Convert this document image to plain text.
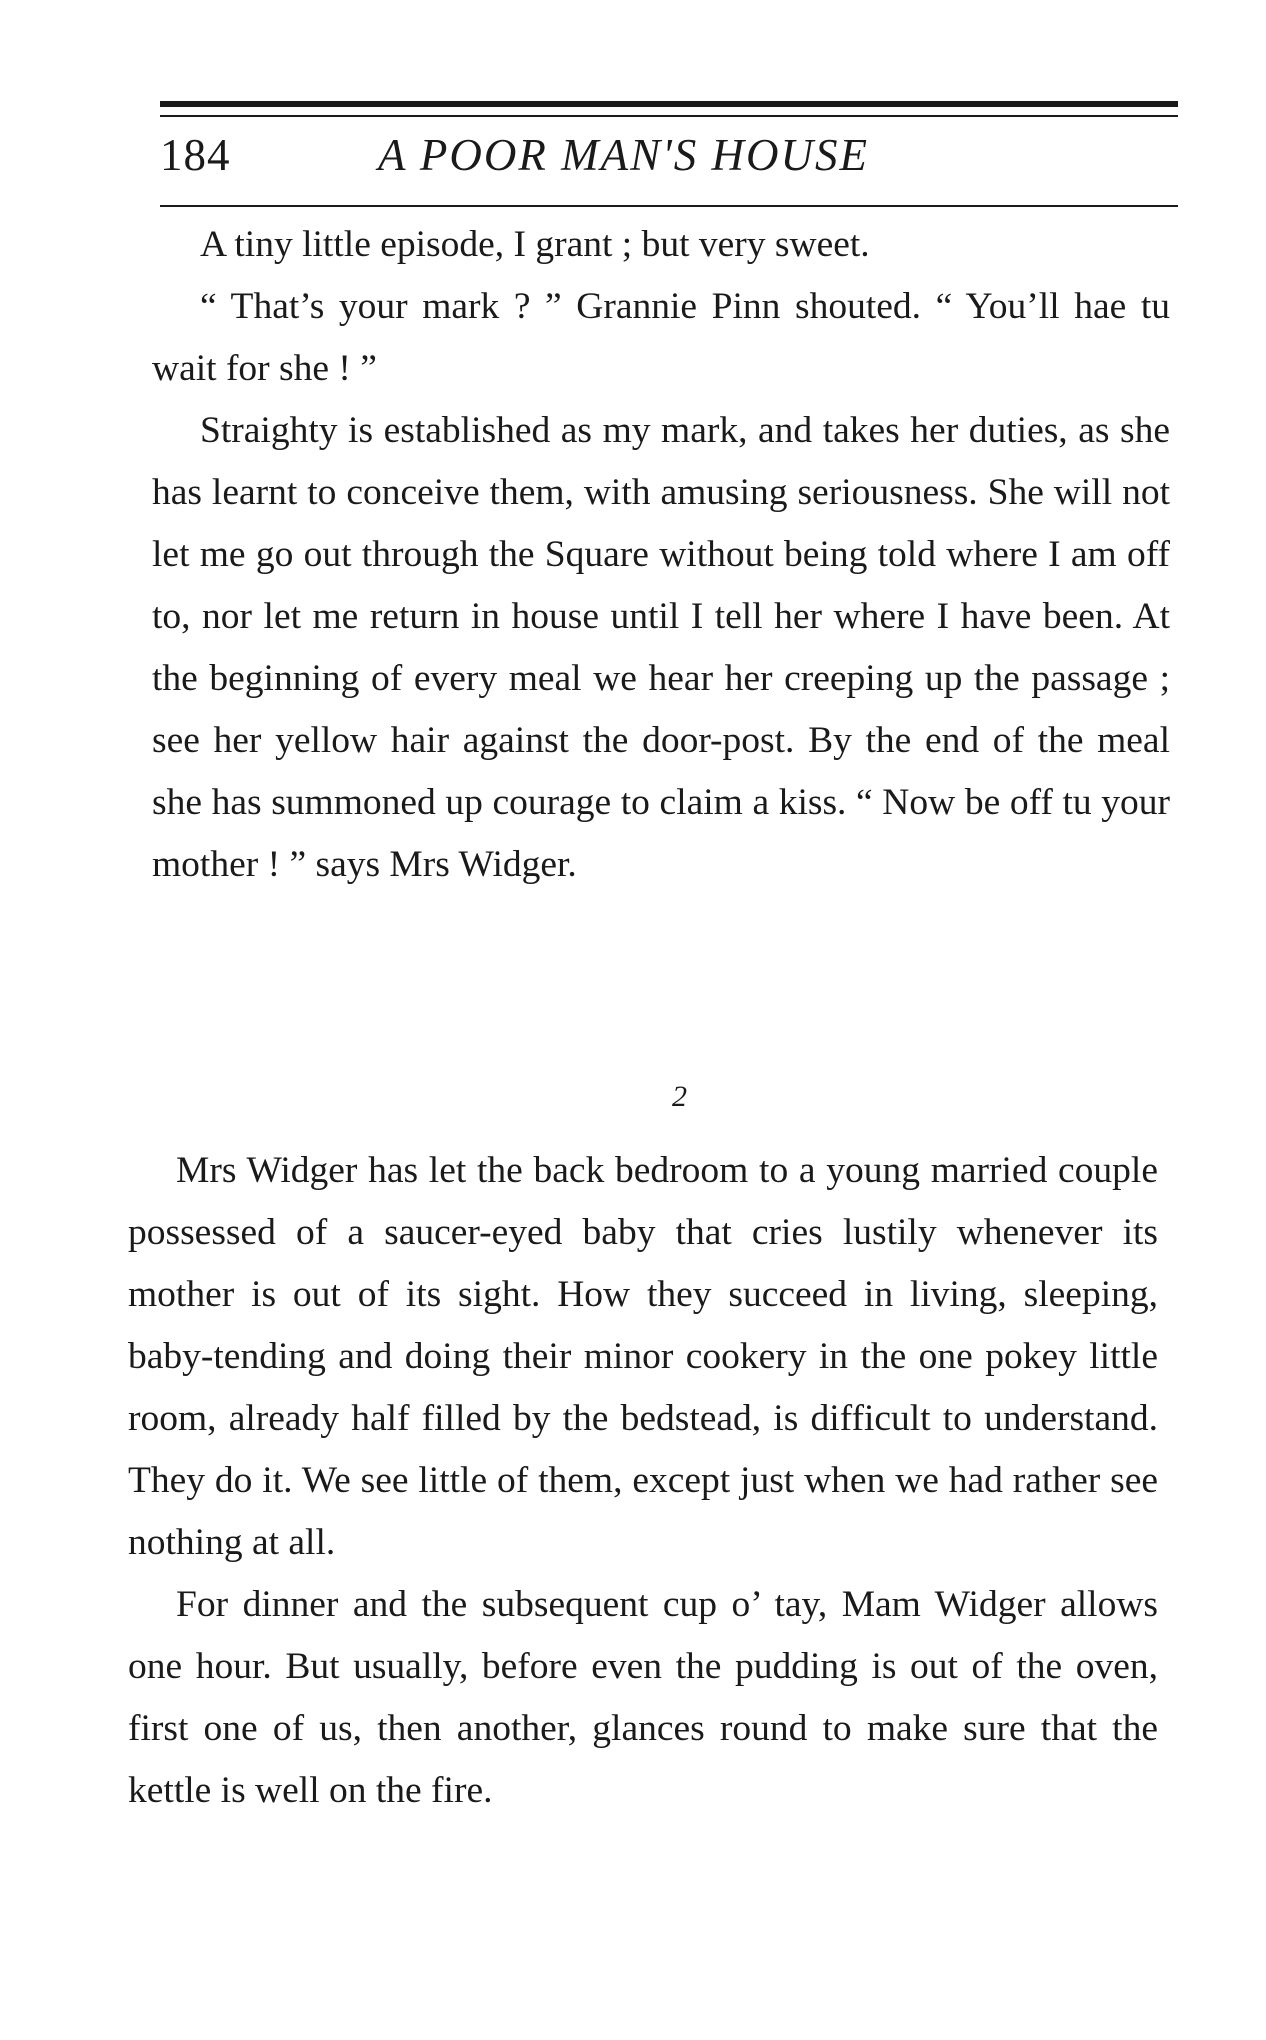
184	A POOR MAN'S HOUSE

A tiny little episode, I grant ; but very sweet.

“ That’s your mark ? ” Grannie Pinn shouted. “ You’ll hae tu wait for she ! ”

Straighty is established as my mark, and takes her duties, as she has learnt to conceive them, with amusing seriousness. She will not let me go out through the Square without being told where I am off to, nor let me return in house until I tell her where I have been. At the beginning of every meal we hear her creeping up the passage ; see her yellow hair against the door-post. By the end of the meal she has summoned up courage to claim a kiss. “ Now be off tu your mother ! ” says Mrs Widger.

2

Mrs Widger has let the back bedroom to a young married couple possessed of a saucer-eyed baby that cries lustily whenever its mother is out of its sight. How they succeed in living, sleeping, baby-tending and doing their minor cookery in the one pokey little room, already half filled by the bedstead, is difficult to understand. They do it. We see little of them, except just when we had rather see nothing at all.

For dinner and the subsequent cup o’ tay, Mam Widger allows one hour. But usually, before even the pudding is out of the oven, first one of us, then another, glances round to make sure that the kettle is well on the fire.
